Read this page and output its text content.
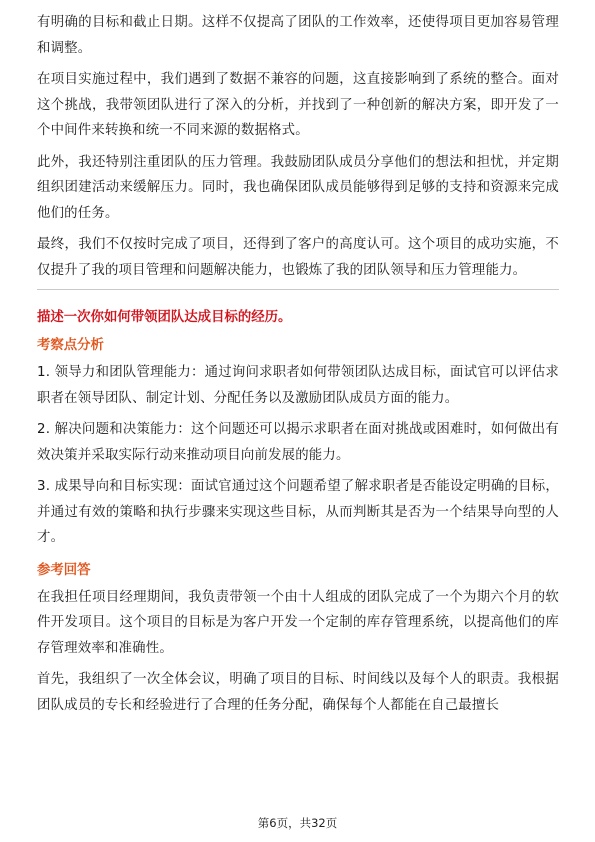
有明确的目标和截止日期。这样不仅提高了团队的工作效率，还使得项目更加容易管理和调整。

在项目实施过程中，我们遇到了数据不兼容的问题，这直接影响到了系统的整合。面对这个挑战，我带领团队进行了深入的分析，并找到了一种创新的解决方案，即开发了一个中间件来转换和统一不同来源的数据格式。

此外，我还特别注重团队的压力管理。我鼓励团队成员分享他们的想法和担忧，并定期组织团建活动来缓解压力。同时，我也确保团队成员能够得到足够的支持和资源来完成他们的任务。

最终，我们不仅按时完成了项目，还得到了客户的高度认可。这个项目的成功实施，不仅提升了我的项目管理和问题解决能力，也锻炼了我的团队领导和压力管理能力。

描述一次你如何带领团队达成目标的经历。
考察点分析

1. 领导力和团队管理能力：通过询问求职者如何带领团队达成目标，面试官可以评估求职者在领导团队、制定计划、分配任务以及激励团队成员方面的能力。

2. 解决问题和决策能力：这个问题还可以揭示求职者在面对挑战或困难时，如何做出有效决策并采取实际行动来推动项目向前发展的能力。

3. 成果导向和目标实现：面试官通过这个问题希望了解求职者是否能设定明确的目标，并通过有效的策略和执行步骤来实现这些目标，从而判断其是否为一个结果导向型的人才。

参考回答

在我担任项目经理期间，我负责带领一个由十人组成的团队完成了一个为期六个月的软件开发项目。这个项目的目标是为客户开发一个定制的库存管理系统，以提高他们的库存管理效率和准确性。

首先，我组织了一次全体会议，明确了项目的目标、时间线以及每个人的职责。我根据团队成员的专长和经验进行了合理的任务分配，确保每个人都能在自己最擅长

第6页，共32页
